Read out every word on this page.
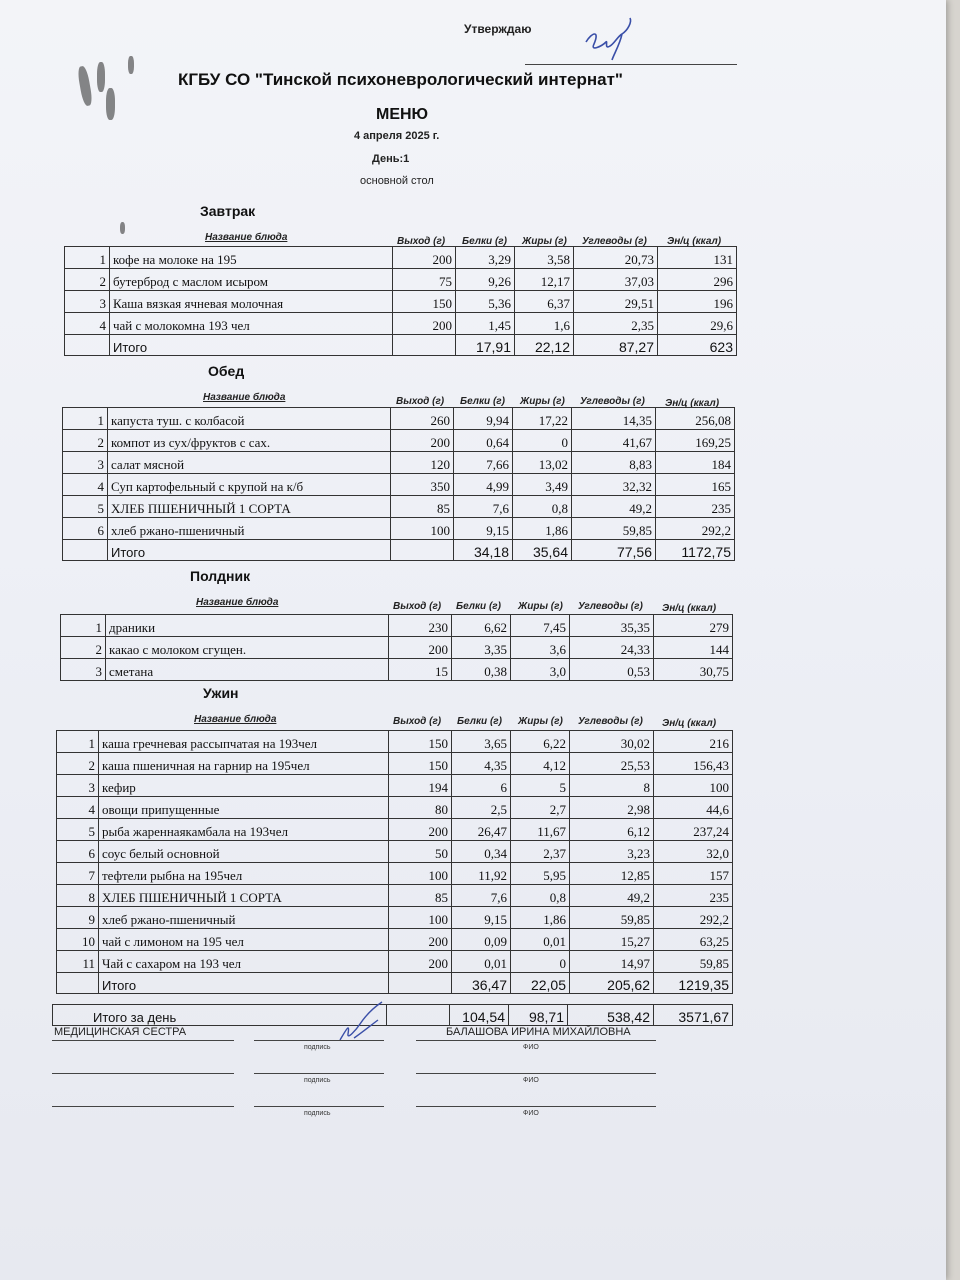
Утверждаю
КГБУ СО "Тинской психоневрологический интернат"
МЕНЮ
4 апреля 2025 г.
День:1
основной стол
Завтрак
Название блюда	Выход (г) Белки (г) Жиры (г) Углеводы (г) Эн/ц (ккал)
1	кофе на молоке на 195	200	3,29	3,58	20,73	131
2	бутерброд с маслом исыром	75	9,26	12,17	37,03	296
3	Каша вязкая ячневая молочная	150	5,36	6,37	29,51	196
4	чай с молокомна 193 чел	200	1,45	1,6	2,35	29,6
	Итого		17,91	22,12	87,27	623
Обед
Название блюда	Выход (г) Белки (г) Жиры (г) Углеводы (г) Эн/ц (ккал)
1	капуста туш. с колбасой	260	9,94	17,22	14,35	256,08
2	компот из сух/фруктов с сах.	200	0,64	0	41,67	169,25
3	салат мясной	120	7,66	13,02	8,83	184
4	Суп картофельный с крупой на к/б	350	4,99	3,49	32,32	165
5	ХЛЕБ ПШЕНИЧНЫЙ 1 СОРТА	85	7,6	0,8	49,2	235
6	хлеб ржано-пшеничный	100	9,15	1,86	59,85	292,2
	Итого		34,18	35,64	77,56	1172,75
Полдник
Название блюда	Выход (г) Белки (г) Жиры (г) Углеводы (г) Эн/ц (ккал)
1	драники	230	6,62	7,45	35,35	279
2	какао с молоком сгущен.	200	3,35	3,6	24,33	144
3	сметана	15	0,38	3,0	0,53	30,75
Ужин
Название блюда	Выход (г) Белки (г) Жиры (г) Углеводы (г) Эн/ц (ккал)
1	каша гречневая рассыпчатая на 193чел	150	3,65	6,22	30,02	216
2	каша пшеничная на гарнир на 195чел	150	4,35	4,12	25,53	156,43
3	кефир	194	6	5	8	100
4	овощи припущенные	80	2,5	2,7	2,98	44,6
5	рыба жареннаякамбала на 193чел	200	26,47	11,67	6,12	237,24
6	соус белый основной	50	0,34	2,37	3,23	32,0
7	тефтели рыбна на 195чел	100	11,92	5,95	12,85	157
8	ХЛЕБ ПШЕНИЧНЫЙ 1 СОРТА	85	7,6	0,8	49,2	235
9	хлеб ржано-пшеничный	100	9,15	1,86	59,85	292,2
10	чай с лимоном на 195 чел	200	0,09	0,01	15,27	63,25
11	Чай с сахаром на 193 чел	200	0,01	0	14,97	59,85
	Итого		36,47	22,05	205,62	1219,35
Итого за день		104,54	98,71	538,42	3571,67
МЕДИЦИНСКАЯ СЕСТРА	БАЛАШОВА ИРИНА МИХАЙЛОВНА
подпись	ФИО
подпись	ФИО
подпись	ФИО
